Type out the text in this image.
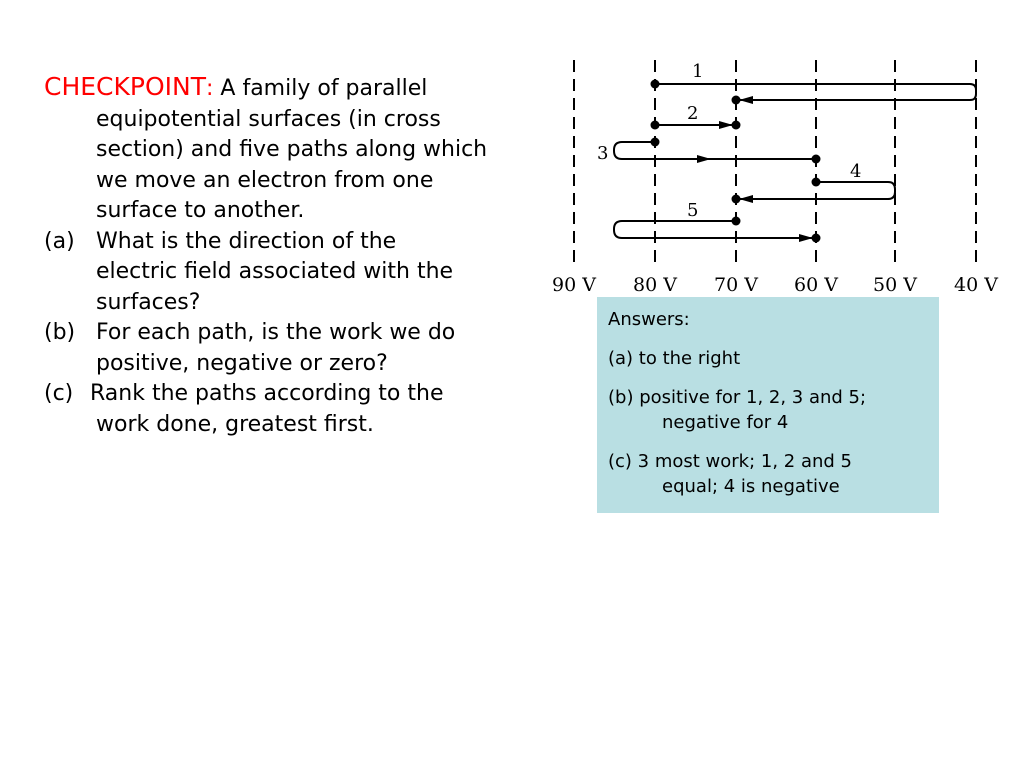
CHECKPOINT: A family of parallel
equipotential surfaces (in cross
section) and five paths along which
we move an electron from one
surface to another.
(a) What is the direction of the
electric field associated with the
surfaces?
(b) For each path, is the work we do
positive, negative or zero?
(c) Rank the paths according to the
work done, greatest first.
90 V 80 V 70 V 60 V 50 V 40 V
1
2
3
4
5
Answers:
(a) to the right
(b) positive for 1, 2, 3 and 5;
negative for 4
(c) 3 most work; 1, 2 and 5
equal; 4 is negative
